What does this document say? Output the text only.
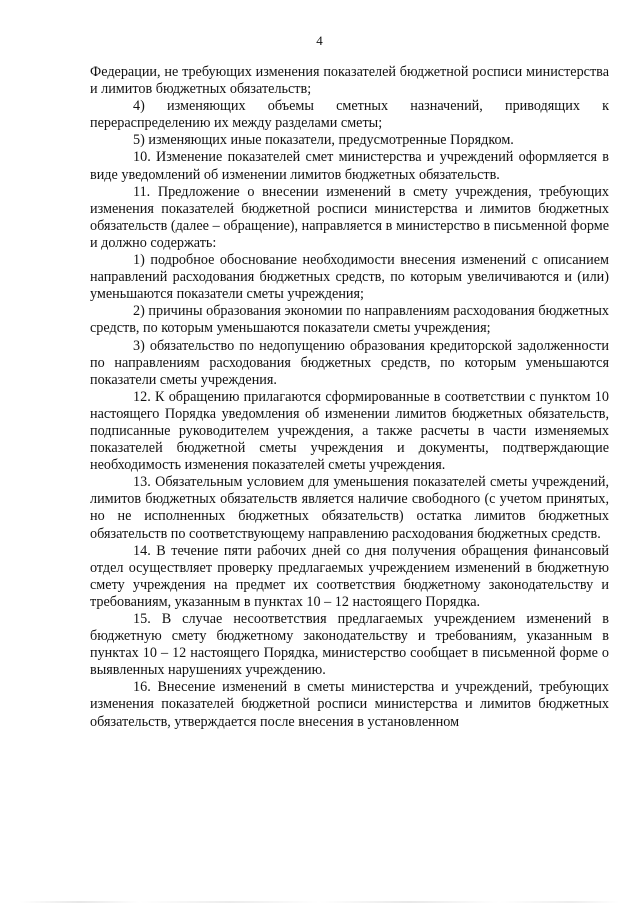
4

Федерации, не требующих изменения показателей бюджетной росписи министерства и лимитов бюджетных обязательств;

4) изменяющих объемы сметных назначений, приводящих к перераспределению их между разделами сметы;

5) изменяющих иные показатели, предусмотренные Порядком.

10. Изменение показателей смет министерства и учреждений оформляется в виде уведомлений об изменении лимитов бюджетных обязательств.

11. Предложение о внесении изменений в смету учреждения, требующих изменения показателей бюджетной росписи министерства и лимитов бюджетных обязательств (далее – обращение), направляется в министерство в письменной форме и должно содержать:

1) подробное обоснование необходимости внесения изменений с описанием направлений расходования бюджетных средств, по которым увеличиваются и (или) уменьшаются показатели сметы учреждения;

2) причины образования экономии по направлениям расходования бюджетных средств, по которым уменьшаются показатели сметы учреждения;

3) обязательство по недопущению образования кредиторской задолженности по направлениям расходования бюджетных средств, по которым уменьшаются показатели сметы учреждения.

12. К обращению прилагаются сформированные в соответствии с пунктом 10 настоящего Порядка уведомления об изменении лимитов бюджетных обязательств, подписанные руководителем учреждения, а также расчеты в части изменяемых показателей бюджетной сметы учреждения и документы, подтверждающие необходимость изменения показателей сметы учреждения.

13. Обязательным условием для уменьшения показателей сметы учреждений, лимитов бюджетных обязательств является наличие свободного (с учетом принятых, но не исполненных бюджетных обязательств) остатка лимитов бюджетных обязательств по соответствующему направлению расходования бюджетных средств.

14. В течение пяти рабочих дней со дня получения обращения финансовый отдел осуществляет проверку предлагаемых учреждением изменений в бюджетную смету учреждения на предмет их соответствия бюджетному законодательству и требованиям, указанным в пунктах 10 – 12 настоящего Порядка.

15. В случае несоответствия предлагаемых учреждением изменений в бюджетную смету бюджетному законодательству и требованиям, указанным в пунктах 10 – 12 настоящего Порядка, министерство сообщает в письменной форме о выявленных нарушениях учреждению.

16. Внесение изменений в сметы министерства и учреждений, требующих изменения показателей бюджетной росписи министерства и лимитов бюджетных обязательств, утверждается после внесения в установленном
